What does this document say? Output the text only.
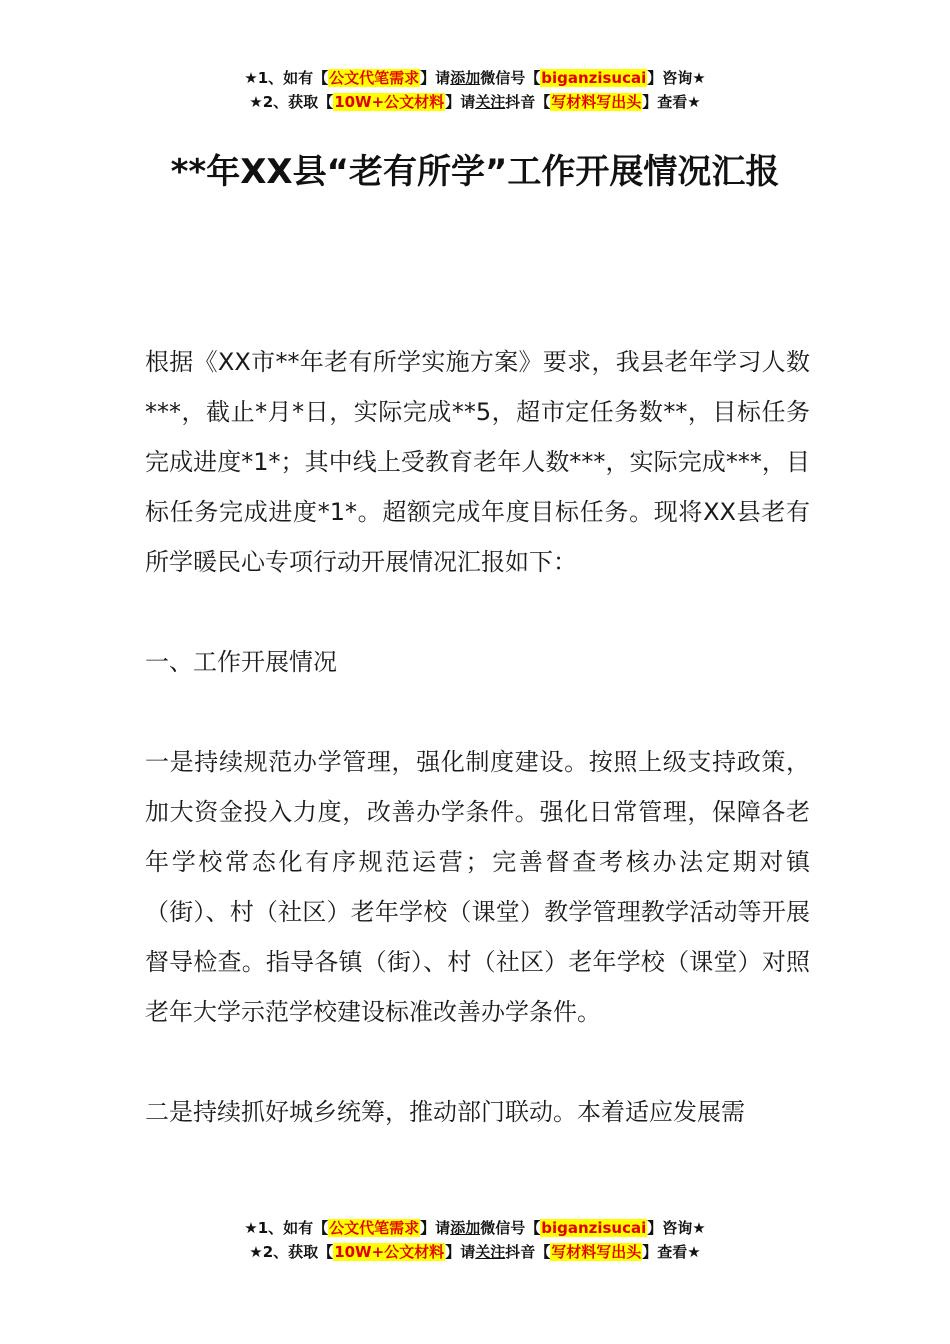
★1、如有【公文代笔需求】请添加微信号【biganzisucai】咨询★
★2、获取【10W+公文材料】请关注抖音【写材料写出头】查看★
**年XX县“老有所学”工作开展情况汇报

根据《XX市**年老有所学实施方案》要求，我县老年学习人数***，截止*月*日，实际完成**5，超市定任务数**，目标任务完成进度*1*；其中线上受教育老年人数***，实际完成***，目标任务完成进度*1*。超额完成年度目标任务。现将XX县老有所学暖民心专项行动开展情况汇报如下：

一、工作开展情况

一是持续规范办学管理，强化制度建设。按照上级支持政策，加大资金投入力度，改善办学条件。强化日常管理，保障各老年学校常态化有序规范运营；完善督查考核办法定期对镇（街）、村（社区）老年学校（课堂）教学管理教学活动等开展督导检查。指导各镇（街）、村（社区）老年学校（课堂）对照老年大学示范学校建设标准改善办学条件。

二是持续抓好城乡统筹，推动部门联动。本着适应发展需

★1、如有【公文代笔需求】请添加微信号【biganzisucai】咨询★
★2、获取【10W+公文材料】请关注抖音【写材料写出头】查看★
